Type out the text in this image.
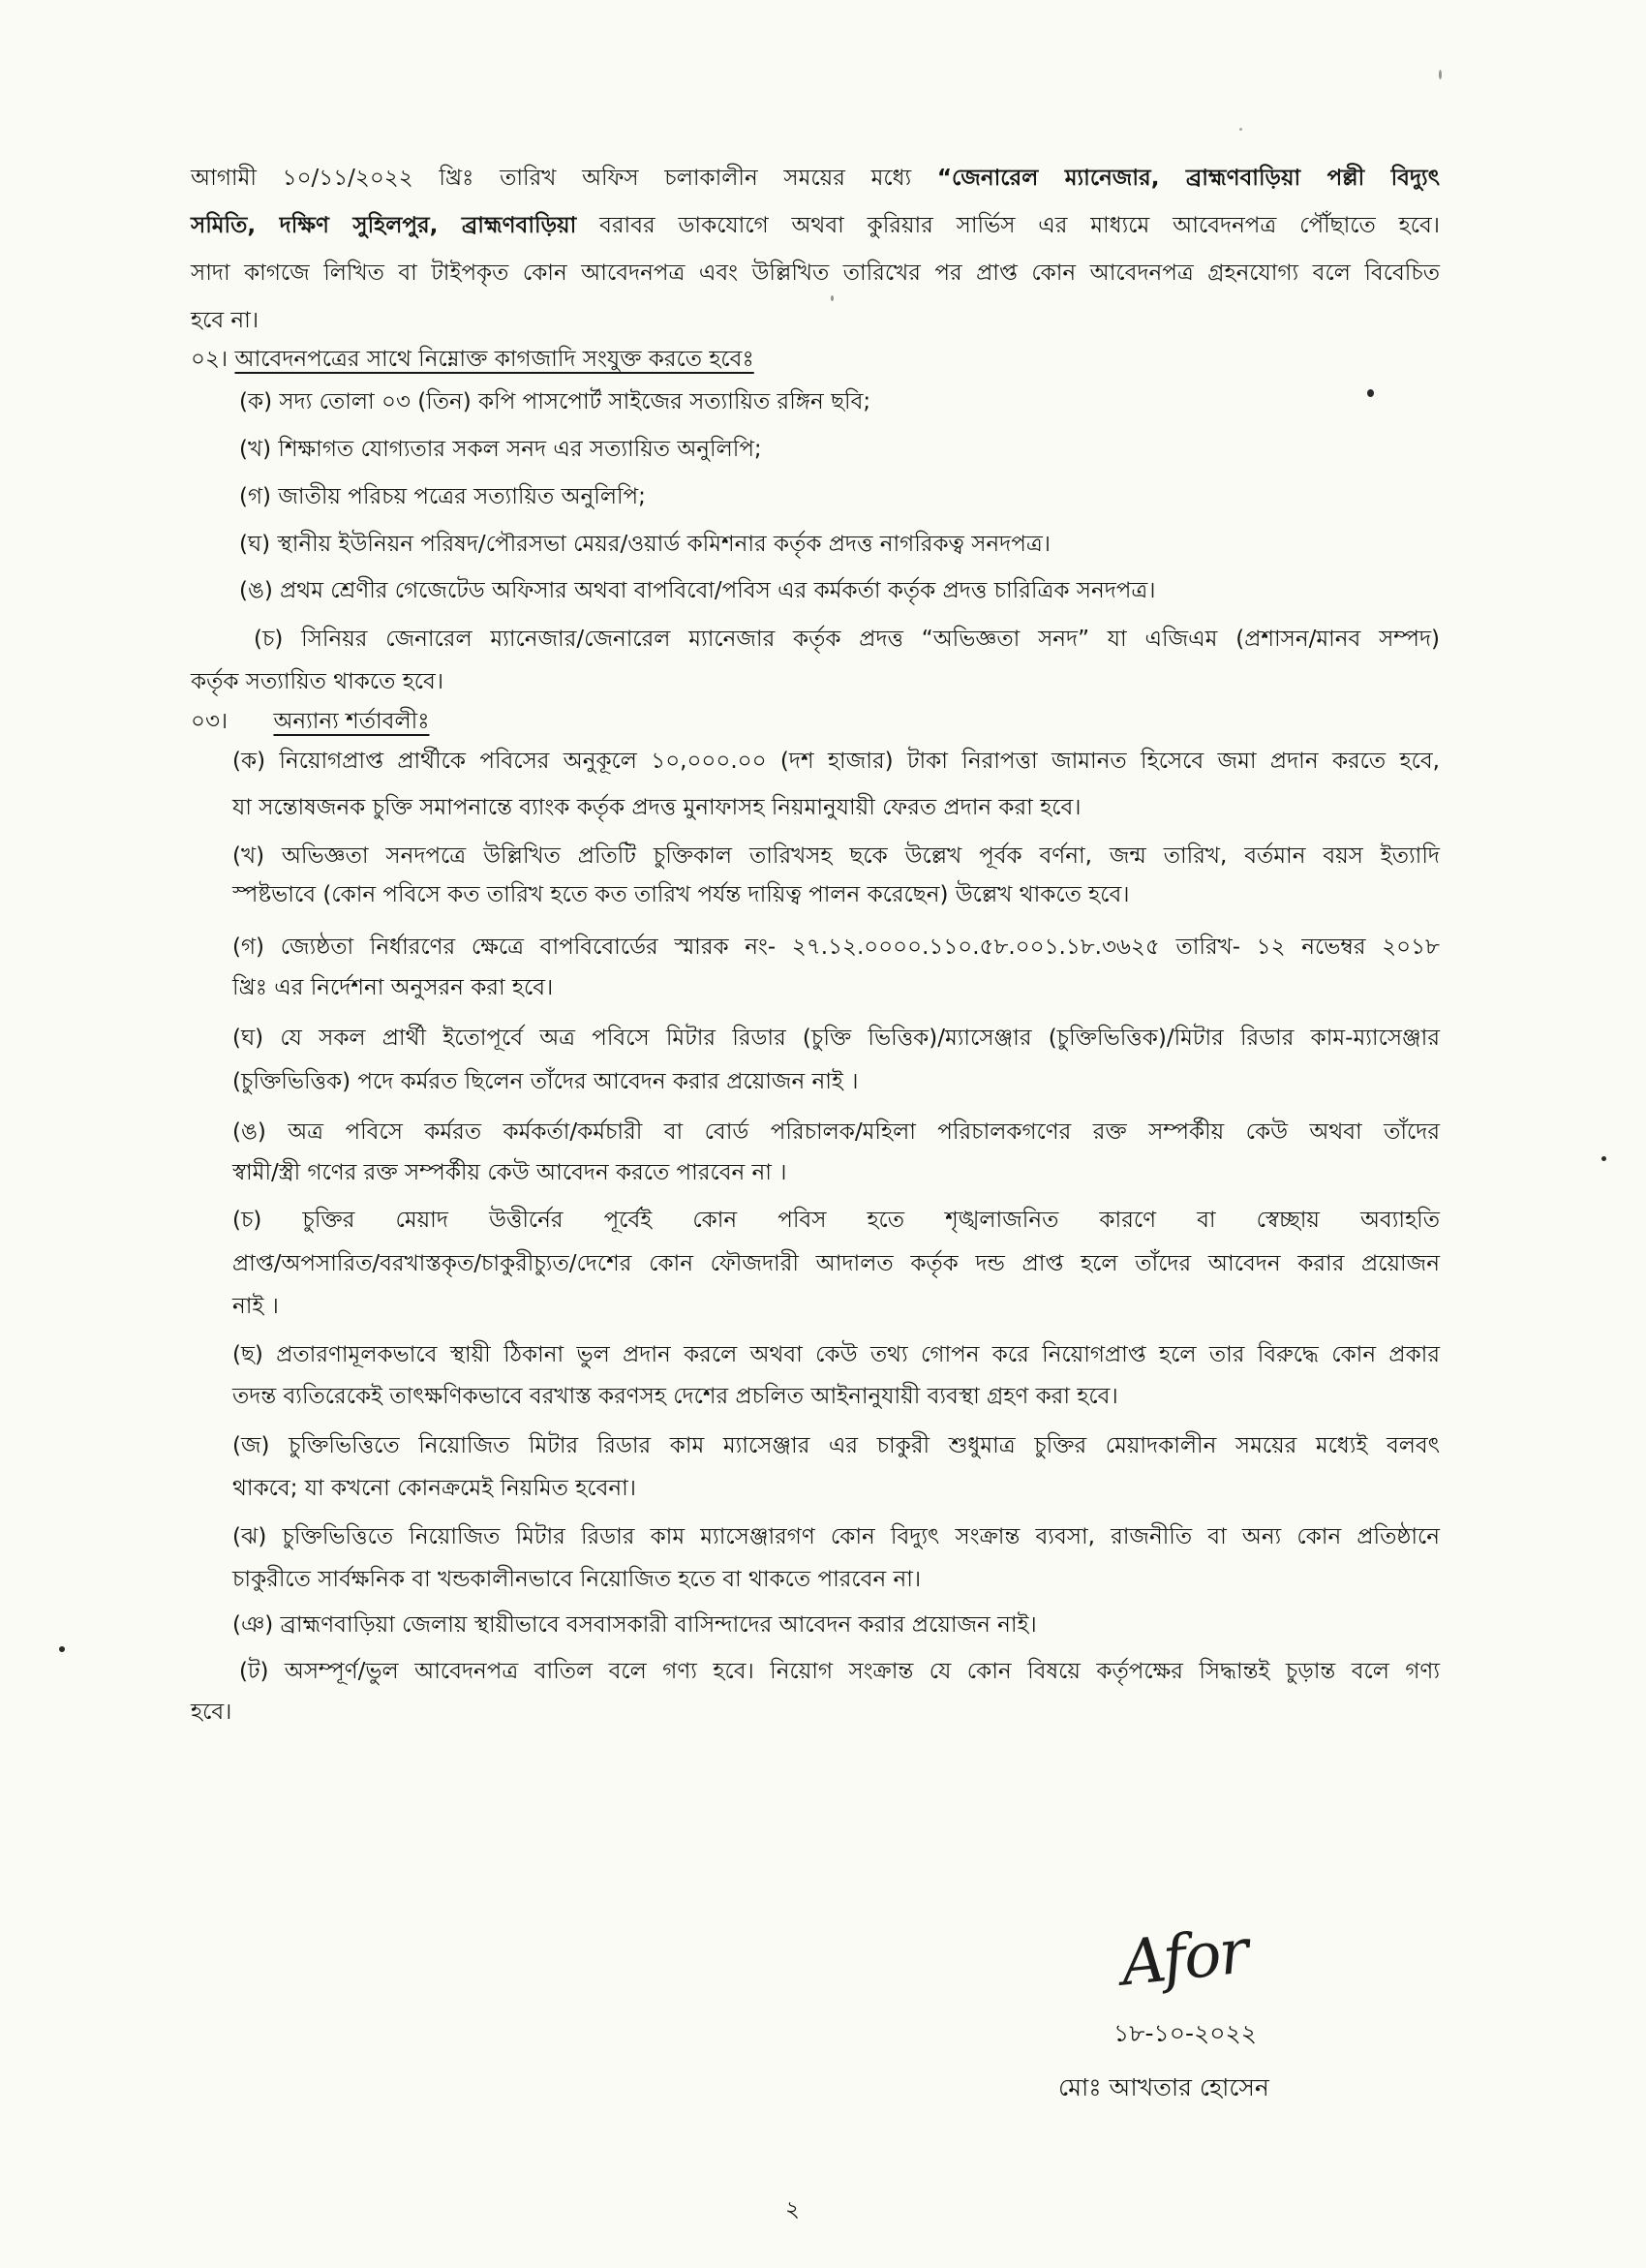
আগামী ১০/১১/২০২২ খ্রিঃ তারিখ অফিস চলাকালীন সময়ের মধ্যে “জেনারেল ম্যানেজার, ব্রাহ্মণবাড়িয়া পল্লী বিদ্যুৎ
সমিতি, দক্ষিণ সুহিলপুর, ব্রাহ্মণবাড়িয়া বরাবর ডাকযোগে অথবা কুরিয়ার সার্ভিস এর মাধ্যমে আবেদনপত্র পৌঁছাতে হবে।
সাদা কাগজে লিখিত বা টাইপকৃত কোন আবেদনপত্র এবং উল্লিখিত তারিখের পর প্রাপ্ত কোন আবেদনপত্র গ্রহনযোগ্য বলে বিবেচিত
হবে না।
০২। আবেদনপত্রের সাথে নিম্নোক্ত কাগজাদি সংযুক্ত করতে হবেঃ
(ক) সদ্য তোলা ০৩ (তিন) কপি পাসপোর্ট সাইজের সত্যায়িত রঙ্গিন ছবি;
(খ) শিক্ষাগত যোগ্যতার সকল সনদ এর সত্যায়িত অনুলিপি;
(গ) জাতীয় পরিচয় পত্রের সত্যায়িত অনুলিপি;
(ঘ) স্থানীয় ইউনিয়ন পরিষদ/পৌরসভা মেয়র/ওয়ার্ড কমিশনার কর্তৃক প্রদত্ত নাগরিকত্ব সনদপত্র।
(ঙ) প্রথম শ্রেণীর গেজেটেড অফিসার অথবা বাপবিবো/পবিস এর কর্মকর্তা কর্তৃক প্রদত্ত চারিত্রিক সনদপত্র।
(চ) সিনিয়র জেনারেল ম্যানেজার/জেনারেল ম্যানেজার কর্তৃক প্রদত্ত “অভিজ্ঞতা সনদ” যা এজিএম (প্রশাসন/মানব সম্পদ)
কর্তৃক সত্যায়িত থাকতে হবে।
০৩। অন্যান্য শর্তাবলীঃ
(ক) নিয়োগপ্রাপ্ত প্রার্থীকে পবিসের অনুকূলে ১০,০০০.০০ (দশ হাজার) টাকা নিরাপত্তা জামানত হিসেবে জমা প্রদান করতে হবে,
যা সন্তোষজনক চুক্তি সমাপনান্তে ব্যাংক কর্তৃক প্রদত্ত মুনাফাসহ নিয়মানুযায়ী ফেরত প্রদান করা হবে।
(খ) অভিজ্ঞতা সনদপত্রে উল্লিখিত প্রতিটি চুক্তিকাল তারিখসহ ছকে উল্লেখ পূর্বক বর্ণনা, জন্ম তারিখ, বর্তমান বয়স ইত্যাদি
স্পষ্টভাবে (কোন পবিসে কত তারিখ হতে কত তারিখ পর্যন্ত দায়িত্ব পালন করেছেন) উল্লেখ থাকতে হবে।
(গ) জ্যেষ্ঠতা নির্ধারণের ক্ষেত্রে বাপবিবোর্ডের স্মারক নং- ২৭.১২.০০০০.১১০.৫৮.০০১.১৮.৩৬২৫ তারিখ- ১২ নভেম্বর ২০১৮
খ্রিঃ এর নির্দেশনা অনুসরন করা হবে।
(ঘ) যে সকল প্রার্থী ইতোপূর্বে অত্র পবিসে মিটার রিডার (চুক্তি ভিত্তিক)/ম্যাসেঞ্জার (চুক্তিভিত্তিক)/মিটার রিডার কাম-ম্যাসেঞ্জার
(চুক্তিভিত্তিক) পদে কর্মরত ছিলেন তাঁদের আবেদন করার প্রয়োজন নাই ।
(ঙ) অত্র পবিসে কর্মরত কর্মকর্তা/কর্মচারী বা বোর্ড পরিচালক/মহিলা পরিচালকগণের রক্ত সম্পর্কীয় কেউ অথবা তাঁদের
স্বামী/স্ত্রী গণের রক্ত সম্পর্কীয় কেউ আবেদন করতে পারবেন না ।
(চ) চুক্তির মেয়াদ উত্তীর্নের পূর্বেই কোন পবিস হতে শৃঙ্খলাজনিত কারণে বা স্বেচ্ছায় অব্যাহতি
প্রাপ্ত/অপসারিত/বরখাস্তকৃত/চাকুরীচ্যুত/দেশের কোন ফৌজদারী আদালত কর্তৃক দন্ড প্রাপ্ত হলে তাঁদের আবেদন করার প্রয়োজন
নাই ।
(ছ) প্রতারণামূলকভাবে স্থায়ী ঠিকানা ভুল প্রদান করলে অথবা কেউ তথ্য গোপন করে নিয়োগপ্রাপ্ত হলে তার বিরুদ্ধে কোন প্রকার
তদন্ত ব্যতিরেকেই তাৎক্ষণিকভাবে বরখাস্ত করণসহ দেশের প্রচলিত আইনানুযায়ী ব্যবস্থা গ্রহণ করা হবে।
(জ) চুক্তিভিত্তিতে নিয়োজিত মিটার রিডার কাম ম্যাসেঞ্জার এর চাকুরী শুধুমাত্র চুক্তির মেয়াদকালীন সময়ের মধ্যেই বলবৎ
থাকবে; যা কখনো কোনক্রমেই নিয়মিত হবেনা।
(ঝ) চুক্তিভিত্তিতে নিয়োজিত মিটার রিডার কাম ম্যাসেঞ্জারগণ কোন বিদ্যুৎ সংক্রান্ত ব্যবসা, রাজনীতি বা অন্য কোন প্রতিষ্ঠানে
চাকুরীতে সার্বক্ষনিক বা খন্ডকালীনভাবে নিয়োজিত হতে বা থাকতে পারবেন না।
(ঞ) ব্রাহ্মণবাড়িয়া জেলায় স্থায়ীভাবে বসবাসকারী বাসিন্দাদের আবেদন করার প্রয়োজন নাই।
(ট) অসম্পূর্ণ/ভুল আবেদনপত্র বাতিল বলে গণ্য হবে। নিয়োগ সংক্রান্ত যে কোন বিষয়ে কর্তৃপক্ষের সিদ্ধান্তই চুড়ান্ত বলে গণ্য
হবে।
Afor
১৮-১০-২০২২
মোঃ আখতার হোসেন
২
